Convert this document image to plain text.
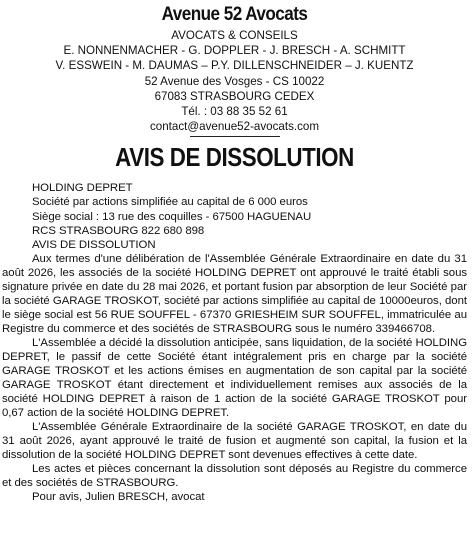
Avenue 52 Avocats
AVOCATS & CONSEILS
E. NONNENMACHER - G. DOPPLER - J. BRESCH - A. SCHMITT
V. ESSWEIN - M. DAUMAS – P.Y. DILLENSCHNEIDER – J. KUENTZ
52 Avenue des Vosges - CS 10022
67083 STRASBOURG CEDEX
Tél. : 03 88 35 52 61
contact@avenue52-avocats.com
AVIS DE DISSOLUTION
HOLDING DEPRET
Société par actions simplifiée au capital de 6 000 euros
Siège social : 13 rue des coquilles - 67500 HAGUENAU
RCS STRASBOURG 822 680 898
AVIS DE DISSOLUTION

Aux termes d'une délibération de l'Assemblée Générale Extraordinaire en date du 31 août 2026, les associés de la société HOLDING DEPRET ont approuvé le traité établi sous signature privée en date du 28 mai 2026, et portant fusion par absorption de leur Société par la société GARAGE TROSKOT, société par actions simplifiée au capital de 10000euros, dont le siège social est 56 RUE SOUFFEL - 67370 GRIESHEIM SUR SOUFFEL, immatriculée au Registre du commerce et des sociétés de STRASBOURG sous le numéro 339466708.

L'Assemblée a décidé la dissolution anticipée, sans liquidation, de la société HOLDING DEPRET, le passif de cette Société étant intégralement pris en charge par la société GARAGE TROSKOT et les actions émises en augmentation de son capital par la société GARAGE TROSKOT étant directement et individuellement remises aux associés de la société HOLDING DEPRET à raison de 1 action de la société GARAGE TROSKOT pour 0,67 action de la société HOLDING DEPRET.

L'Assemblée Générale Extraordinaire de la société GARAGE TROSKOT, en date du 31 août 2026, ayant approuvé le traité de fusion et augmenté son capital, la fusion et la dissolution de la société HOLDING DEPRET sont devenues effectives à cette date.

Les actes et pièces concernant la dissolution sont déposés au Registre du commerce et des sociétés de STRASBOURG.

Pour avis, Julien BRESCH, avocat
